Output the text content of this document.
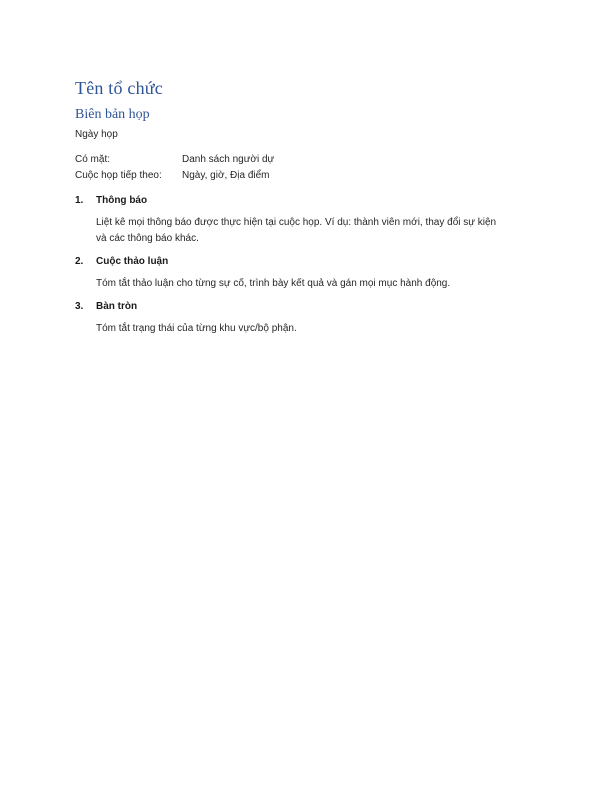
Tên tổ chức
Biên bản họp
Ngày họp
Có mặt:	Danh sách người dự
Cuộc họp tiếp theo:	Ngày, giờ, Địa điểm
1.	Thông báo
Liệt kê mọi thông báo được thực hiện tại cuộc họp. Ví dụ: thành viên mới, thay đổi sự kiện
và các thông báo khác.
2.	Cuộc thảo luận
Tóm tắt thảo luận cho từng sự cố, trình bày kết quả và gán mọi mục hành động.
3.	Bàn tròn
Tóm tắt trạng thái của từng khu vực/bộ phận.
